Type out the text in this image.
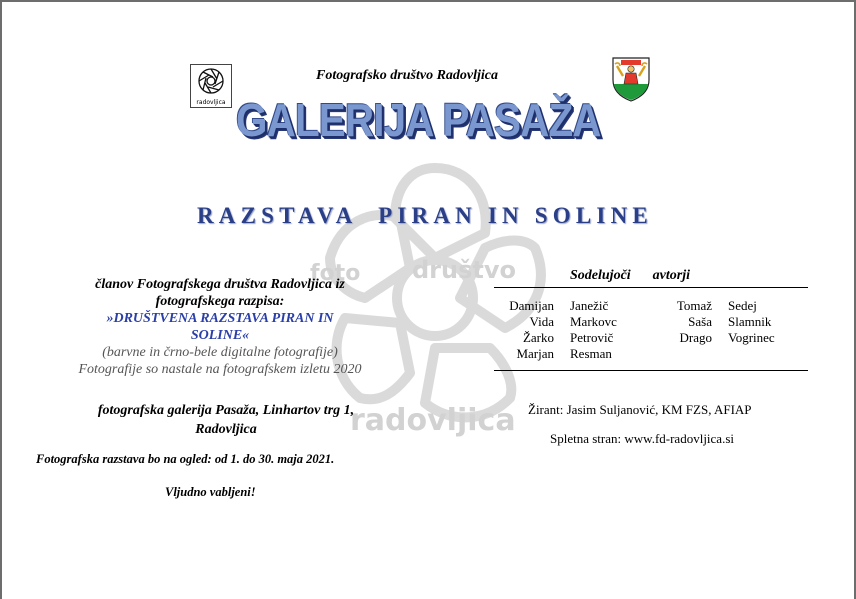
foto društvo
radovljica
radovljica
Fotografsko društvo Radovljica
GALERIJA PASAŽA
RAZSTAVA  PIRAN IN SOLINE
članov Fotografskega društva Radovljica iz
fotografskega razpisa:
»DRUŠTVENA RAZSTAVA PIRAN IN
SOLINE«
(barvne in črno-bele digitalne fotografije)
Fotografije so nastale na fotografskem izletu 2020
fotografska galerija Pasaža, Linhartov trg 1,
Radovljica
Fotografska razstava bo na ogled: od 1. do 30. maja 2021.
Vljudno vabljeni!
Sodelujoči avtorji
Damijan Janežič	Tomaž Sedej
Vida Markovc	Saša Slamnik
Žarko Petrovič	Drago Vogrinec
Marjan Resman
Žirant: Jasim Suljanović, KM FZS, AFIAP
Spletna stran: www.fd-radovljica.si
